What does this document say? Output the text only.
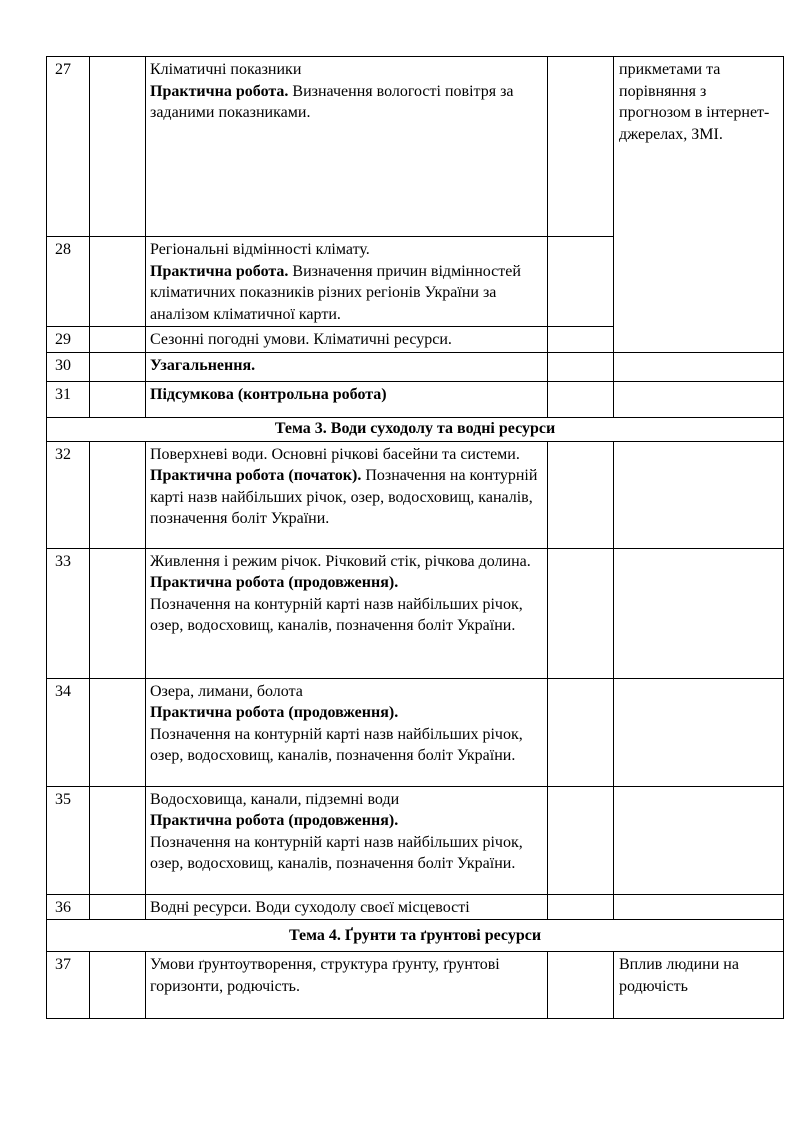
27		Кліматичні показники
Практична робота. Визначення вологості повітря за заданими показниками.		прикметами та порівняння з прогнозом в інтернет-джерелах, ЗМІ.
28		Регіональні відмінності клімату.
Практична робота. Визначення причин відмінностей кліматичних показників різних регіонів України за аналізом кліматичної карти.		
29		Сезонні погодні умови. Кліматичні ресурси.		
30		Узагальнення.		
31		Підсумкова (контрольна робота)		
Тема 3. Води суходолу та водні ресурси				
32		Поверхневі води. Основні річкові басейни та системи.
Практична робота (початок). Позначення на контурній карті назв найбільших річок, озер, водосховищ, каналів, позначення боліт України.		
33		Живлення і режим річок. Річковий стік, річкова долина.
Практична робота (продовження).
Позначення на контурній карті назв найбільших річок, озер, водосховищ, каналів, позначення боліт України.		

34		Озера, лимани, болота
Практична робота (продовження).
Позначення на контурній карті назв найбільших річок, озер, водосховищ, каналів, позначення боліт України.		

35		Водосховища, канали, підземні води
Практична робота (продовження).
Позначення на контурній карті назв найбільших річок, озер, водосховищ, каналів, позначення боліт України.		

36		Водні ресурси. Води суходолу своєї місцевості		
Тема 4. Ґрунти та ґрунтові ресурси				
37		Умови ґрунтоутворення, структура ґрунту, ґрунтові горизонти, родючість.		Вплив людини на родючість
